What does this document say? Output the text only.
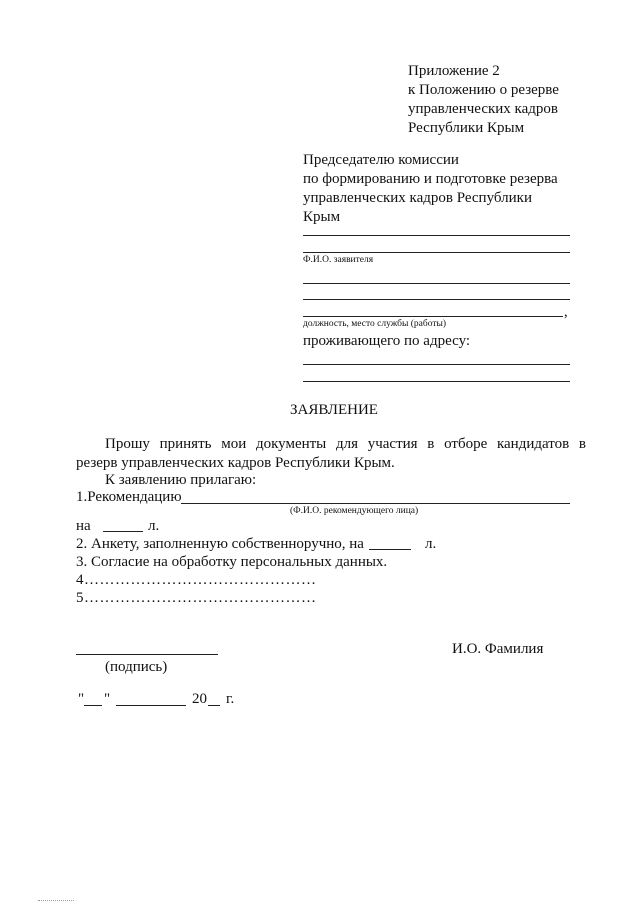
Приложение 2
к Положению о резерве
управленческих кадров
Республики Крым
Председателю комиссии
по формированию и подготовке резерва
управленческих кадров Республики
Крым
Ф.И.О. заявителя
,
должность, место службы (работы)
проживающего по адресу:
ЗАЯВЛЕНИЕ
Прошу принять мои документы для участия в отборе кандидатов в
резерв управленческих кадров Республики Крым.
К заявлению прилагаю:
1.Рекомендацию
(Ф.И.О. рекомендующего лица)
на	л.
2. Анкету, заполненную собственноручно, на	л.
3. Согласие на обработку персональных данных.
4………………………………………
5………………………………………
И.О. Фамилия
(подпись)
" "	20 г.
